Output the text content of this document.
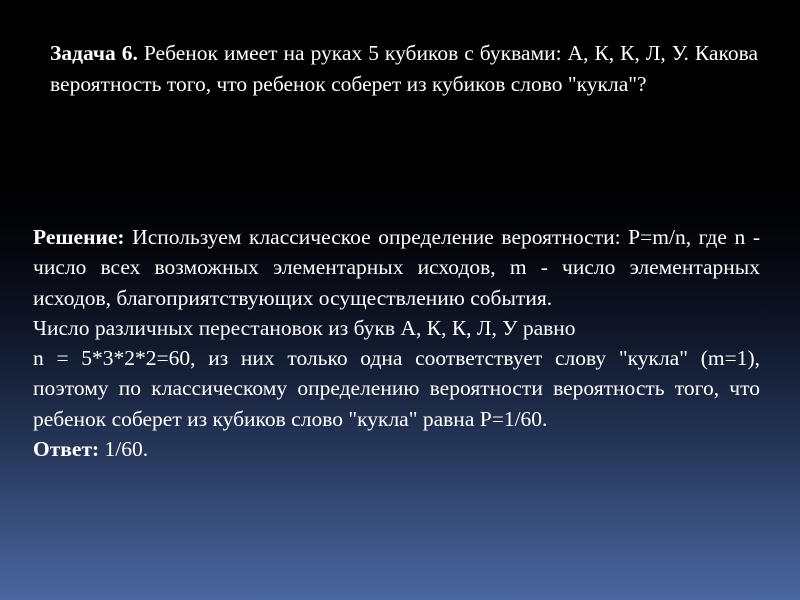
Задача 6. Ребенок имеет на руках 5 кубиков с буквами: А, К, К, Л, У. Какова вероятность того, что ребенок соберет из кубиков слово "кукла"?

Решение: Используем классическое определение вероятности: P=m/n, где n - число всех возможных элементарных исходов, m - число элементарных исходов, благоприятствующих осуществлению события.

Число различных перестановок из букв А, К, К, Л, У равно

n = 5*3*2*2=60, из них только одна соответствует слову "кукла" (m=1), поэтому по классическому определению вероятности вероятность того, что ребенок соберет из кубиков слово "кукла" равна P=1/60.

Ответ: 1/60.
